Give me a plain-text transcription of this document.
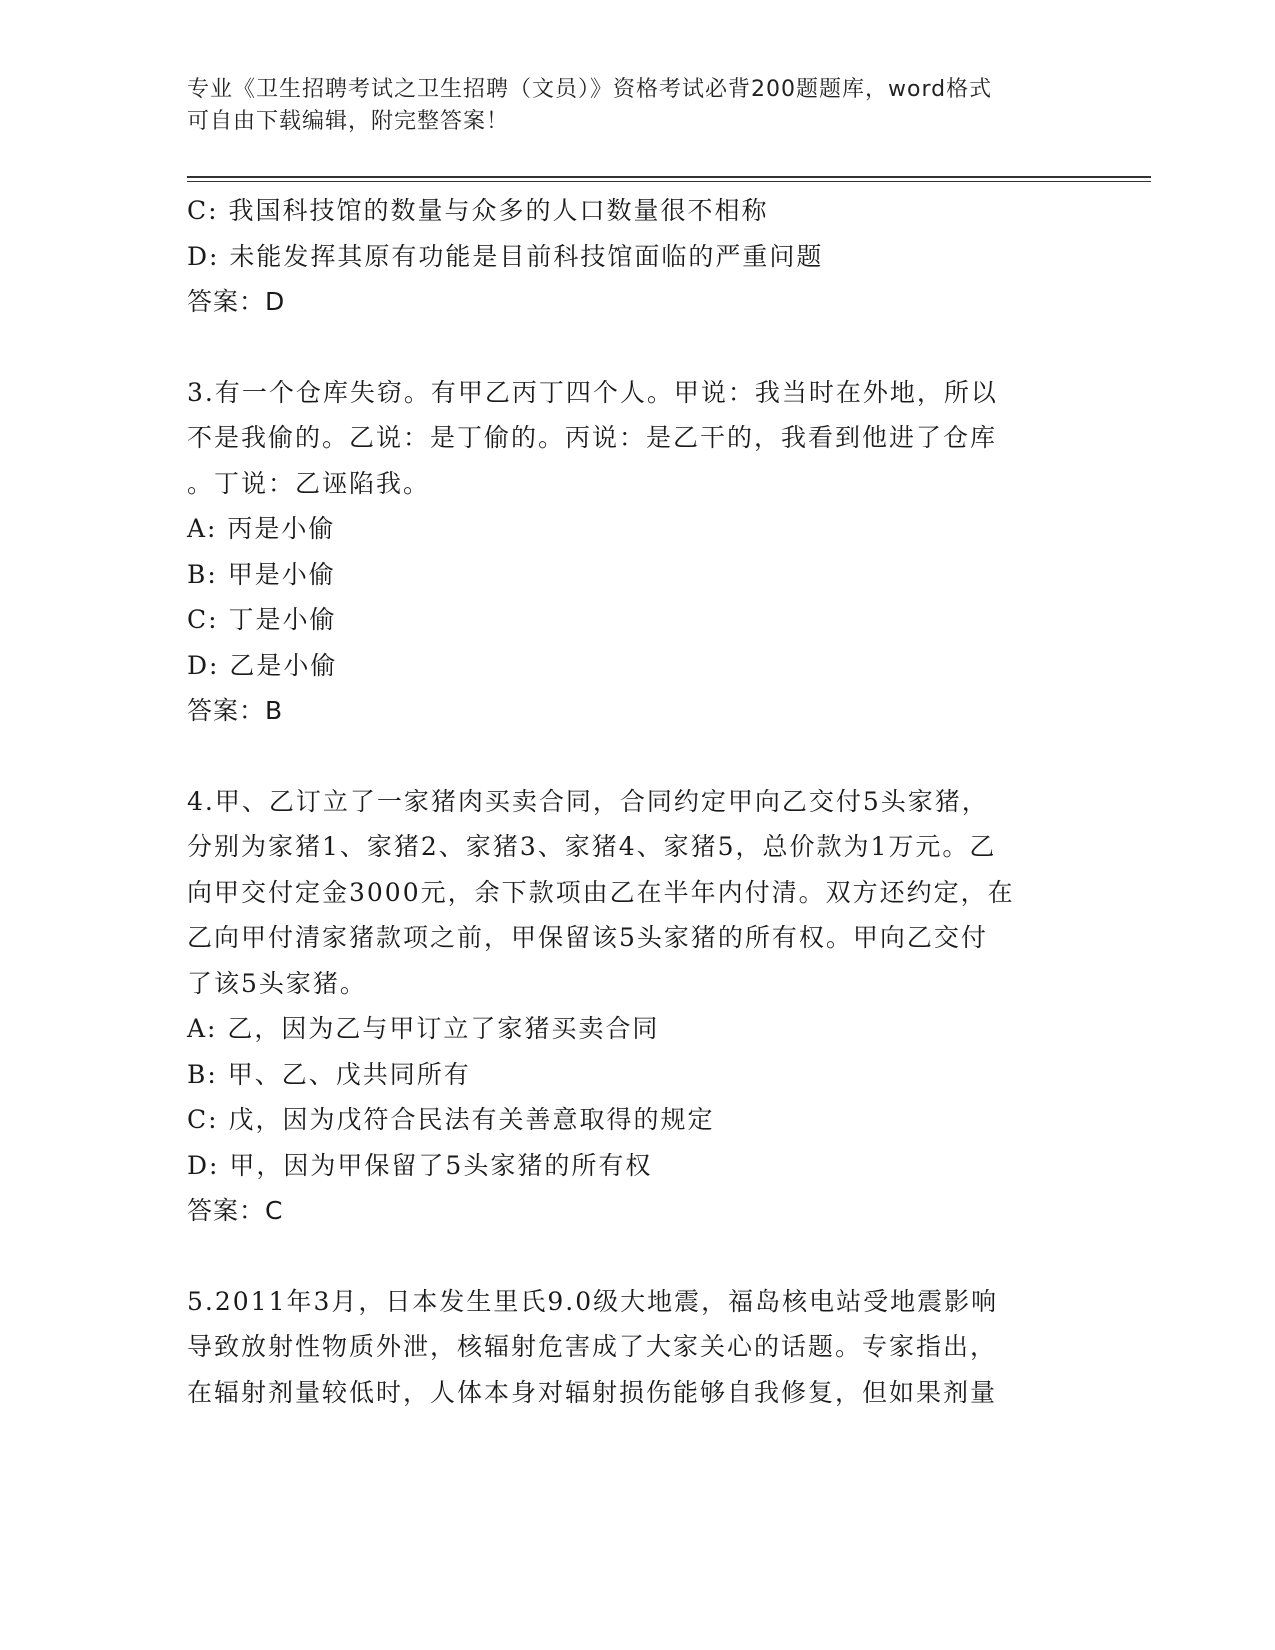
专业《卫生招聘考试之卫生招聘（文员）》资格考试必背200题题库，word格式
可自由下载编辑，附完整答案！
C: 我国科技馆的数量与众多的人口数量很不相称
D: 未能发挥其原有功能是目前科技馆面临的严重问题
答案：D
3.有一个仓库失窃。有甲乙丙丁四个人。甲说：我当时在外地，所以
不是我偷的。乙说：是丁偷的。丙说：是乙干的，我看到他进了仓库
。丁说：乙诬陷我。
A: 丙是小偷
B: 甲是小偷
C: 丁是小偷
D: 乙是小偷
答案：B
4.甲、乙订立了一家猪肉买卖合同，合同约定甲向乙交付5头家猪，
分别为家猪1、家猪2、家猪3、家猪4、家猪5，总价款为1万元。乙
向甲交付定金3000元，余下款项由乙在半年内付清。双方还约定，在
乙向甲付清家猪款项之前，甲保留该5头家猪的所有权。甲向乙交付
了该5头家猪。
A: 乙，因为乙与甲订立了家猪买卖合同
B: 甲、乙、戊共同所有
C: 戊，因为戊符合民法有关善意取得的规定
D: 甲，因为甲保留了5头家猪的所有权
答案：C
5.2011年3月，日本发生里氏9.0级大地震，福岛核电站受地震影响
导致放射性物质外泄，核辐射危害成了大家关心的话题。专家指出，
在辐射剂量较低时，人体本身对辐射损伤能够自我修复，但如果剂量
